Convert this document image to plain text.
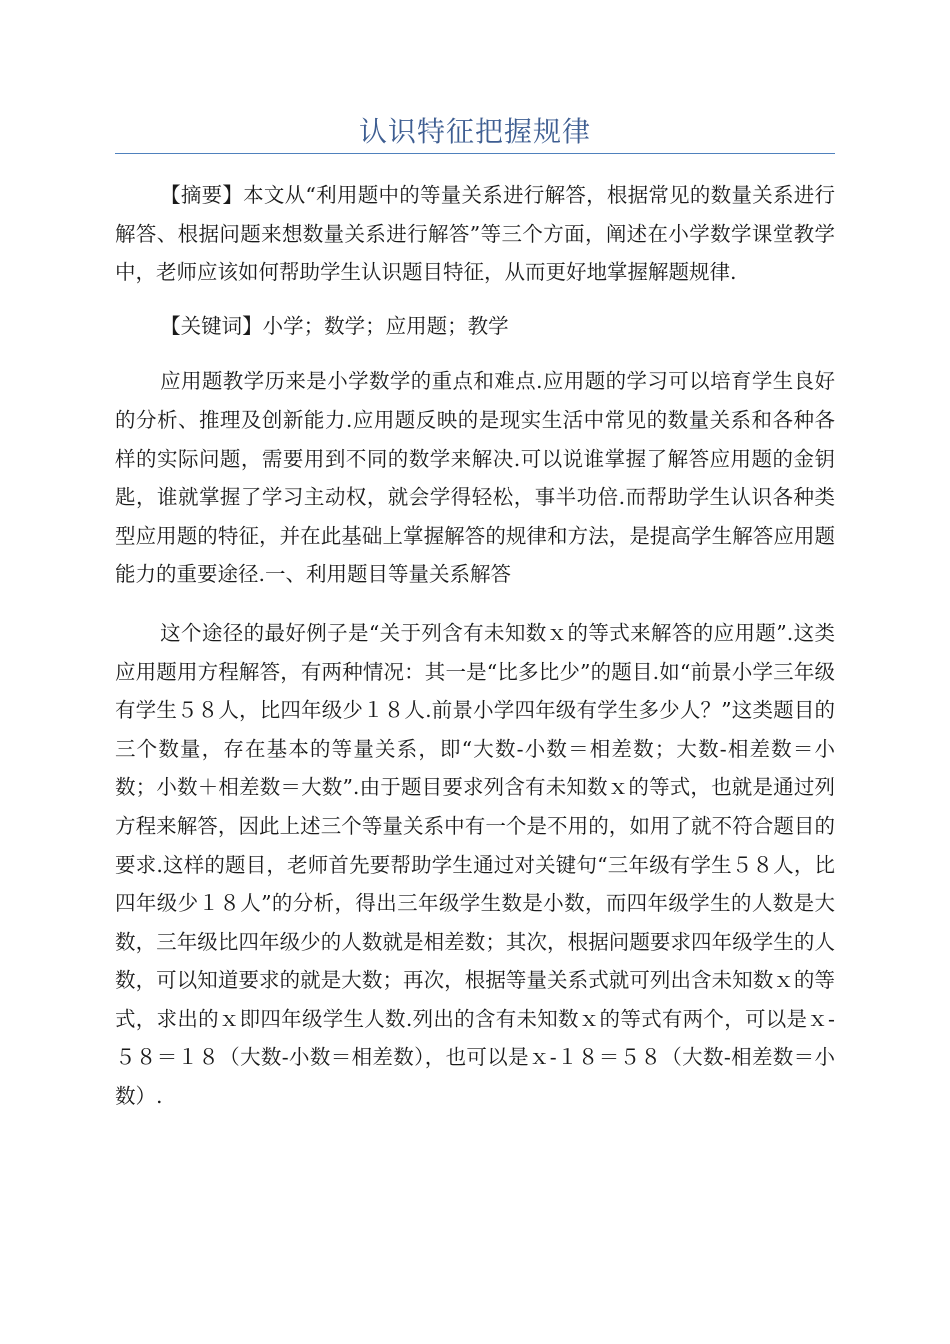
认识特征把握规律

【摘要】本文从“利用题中的等量关系进行解答，根据常见的数量关系进行解答、根据问题来想数量关系进行解答”等三个方面，阐述在小学数学课堂教学中，老师应该如何帮助学生认识题目特征，从而更好地掌握解题规律.

【关键词】小学；数学；应用题；教学

应用题教学历来是小学数学的重点和难点.应用题的学习可以培育学生良好的分析、推理及创新能力.应用题反映的是现实生活中常见的数量关系和各种各样的实际问题，需要用到不同的数学来解决.可以说谁掌握了解答应用题的金钥匙，谁就掌握了学习主动权，就会学得轻松，事半功倍.而帮助学生认识各种类型应用题的特征，并在此基础上掌握解答的规律和方法，是提高学生解答应用题能力的重要途径.一、利用题目等量关系解答

这个途径的最好例子是“关于列含有未知数ｘ的等式来解答的应用题”.这类应用题用方程解答，有两种情况：其一是“比多比少”的题目.如“前景小学三年级有学生５８人，比四年级少１８人.前景小学四年级有学生多少人？”这类题目的三个数量，存在基本的等量关系，即“大数-小数＝相差数；大数-相差数＝小数；小数＋相差数＝大数”.由于题目要求列含有未知数ｘ的等式，也就是通过列方程来解答，因此上述三个等量关系中有一个是不用的，如用了就不符合题目的要求.这样的题目，老师首先要帮助学生通过对关键句“三年级有学生５８人，比四年级少１８人”的分析，得出三年级学生数是小数，而四年级学生的人数是大数，三年级比四年级少的人数就是相差数；其次，根据问题要求四年级学生的人数，可以知道要求的就是大数；再次，根据等量关系式就可列出含未知数ｘ的等式，求出的ｘ即四年级学生人数.列出的含有未知数ｘ的等式有两个，可以是ｘ-５８＝１８（大数-小数＝相差数），也可以是ｘ-１８＝５８（大数-相差数＝小数）.
